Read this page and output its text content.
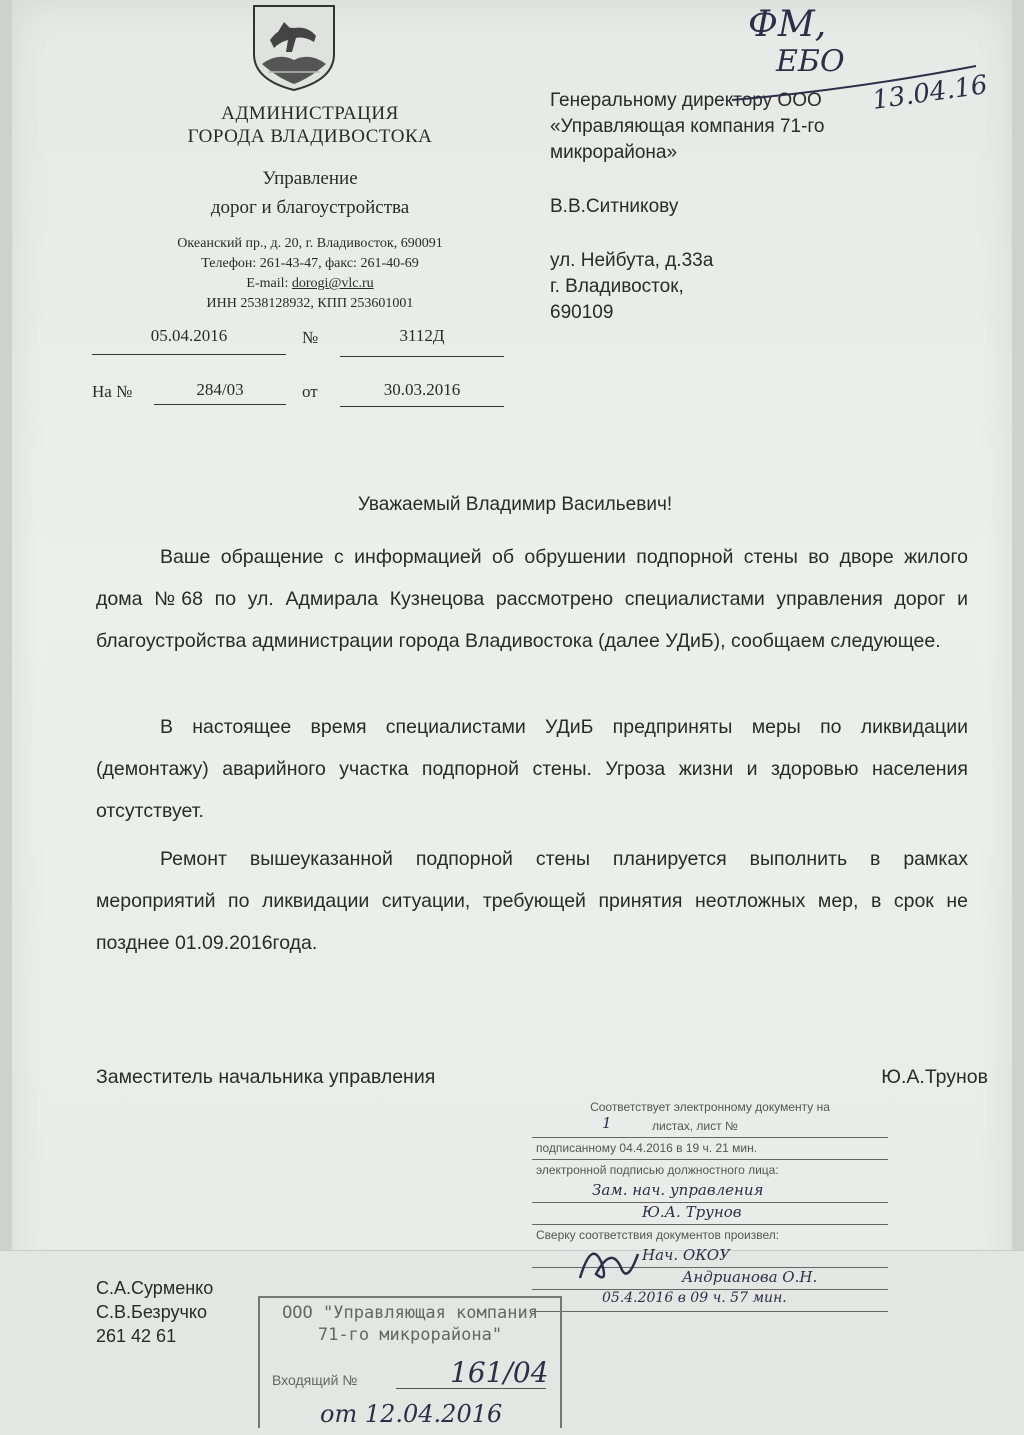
АДМИНИСТРАЦИЯ
ГОРОДА ВЛАДИВОСТОКА
Управление
дорог и благоустройства
Океанский пр., д. 20, г. Владивосток, 690091
Телефон: 261-43-47, факс: 261-40-69
E-mail: dorogi@vlc.ru
ИНН 2538128932, КПП 253601001
05.04.2016	№	3112Д
На №	284/03	от	30.03.2016
Генеральному директору ООО
«Управляющая компания 71-го
микрорайона»
В.В.Ситникову
ул. Нейбута, д.33а
г. Владивосток,
690109
ФМ,
ЕБО
13.04.16
Уважаемый Владимир Васильевич!
Ваше обращение с информацией об обрушении подпорной стены во дворе жилого дома №68 по ул. Адмирала Кузнецова рассмотрено специалистами управления дорог и благоустройства администрации города Владивостока (далее УДиБ), сообщаем следующее.
В настоящее время специалистами УДиБ предприняты меры по ликвидации (демонтажу) аварийного участка подпорной стены. Угроза жизни и здоровью населения отсутствует.
Ремонт вышеуказанной подпорной стены планируется выполнить в рамках мероприятий по ликвидации ситуации, требующей принятия неотложных мер, в срок не позднее 01.09.2016года.
Заместитель начальника управления	Ю.А.Трунов
Соответствует электронному документу на
1	листах, лист №
подписанному 04.4.2016 в 19 ч. 21 мин.
электронной подписью должностного лица:
Зам. нач. управления
Ю.А. Трунов
Сверку соответствия документов произвел:
Нач. ОКОУ
Андрианова О.Н.
05.4.2016 в 09 ч. 57 мин.
С.А.Сурменко
С.В.Безручко
261 42 61
ООО "Управляющая компания
71-го микрорайона"
Входящий №	161/04
от 12.04.2016
